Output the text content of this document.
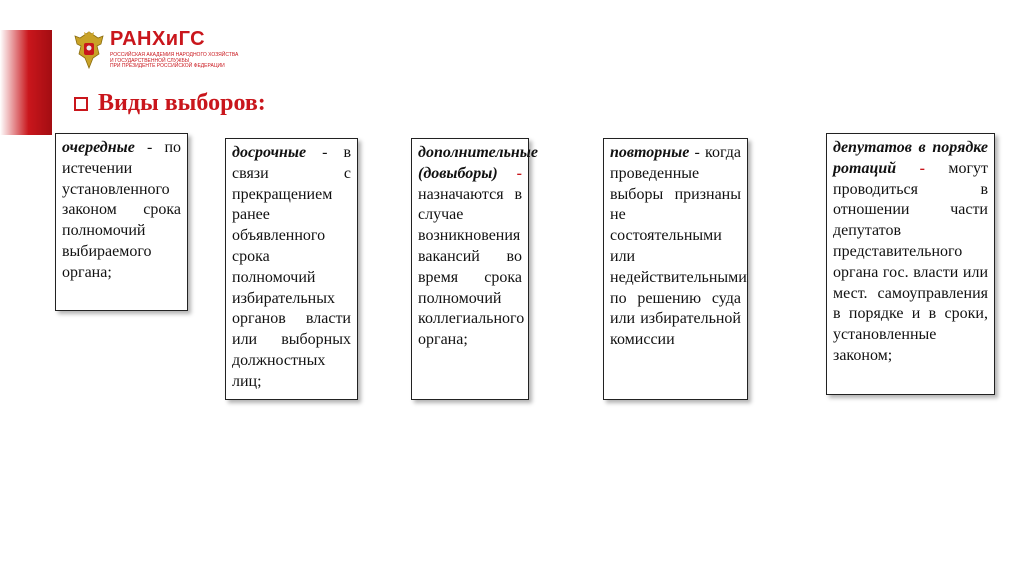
РАНХиГС
РОССИЙСКАЯ АКАДЕМИЯ НАРОДНОГО ХОЗЯЙСТВА
И ГОСУДАРСТВЕННОЙ СЛУЖБЫ
ПРИ ПРЕЗИДЕНТЕ РОССИЙСКОЙ ФЕДЕРАЦИИ
Виды выборов:
очередные - по истечении установленного законом срока полномочий выбираемого органа;
досрочные - в связи с прекращением ранее объявленного срока полномочий избирательных органов власти или выборных должностных лиц;
дополнительные (довыборы) - назначаются в случае возникновения вакансий во время срока полномочий коллегиального органа;
повторные - когда проведенные выборы признаны не состоятельными или недействительными по решению суда или избирательной комиссии
депутатов в порядке ротаций - могут проводиться в отношении части депутатов представительного органа гос. власти или мест. самоуправления в порядке и в сроки, установленные законом;
